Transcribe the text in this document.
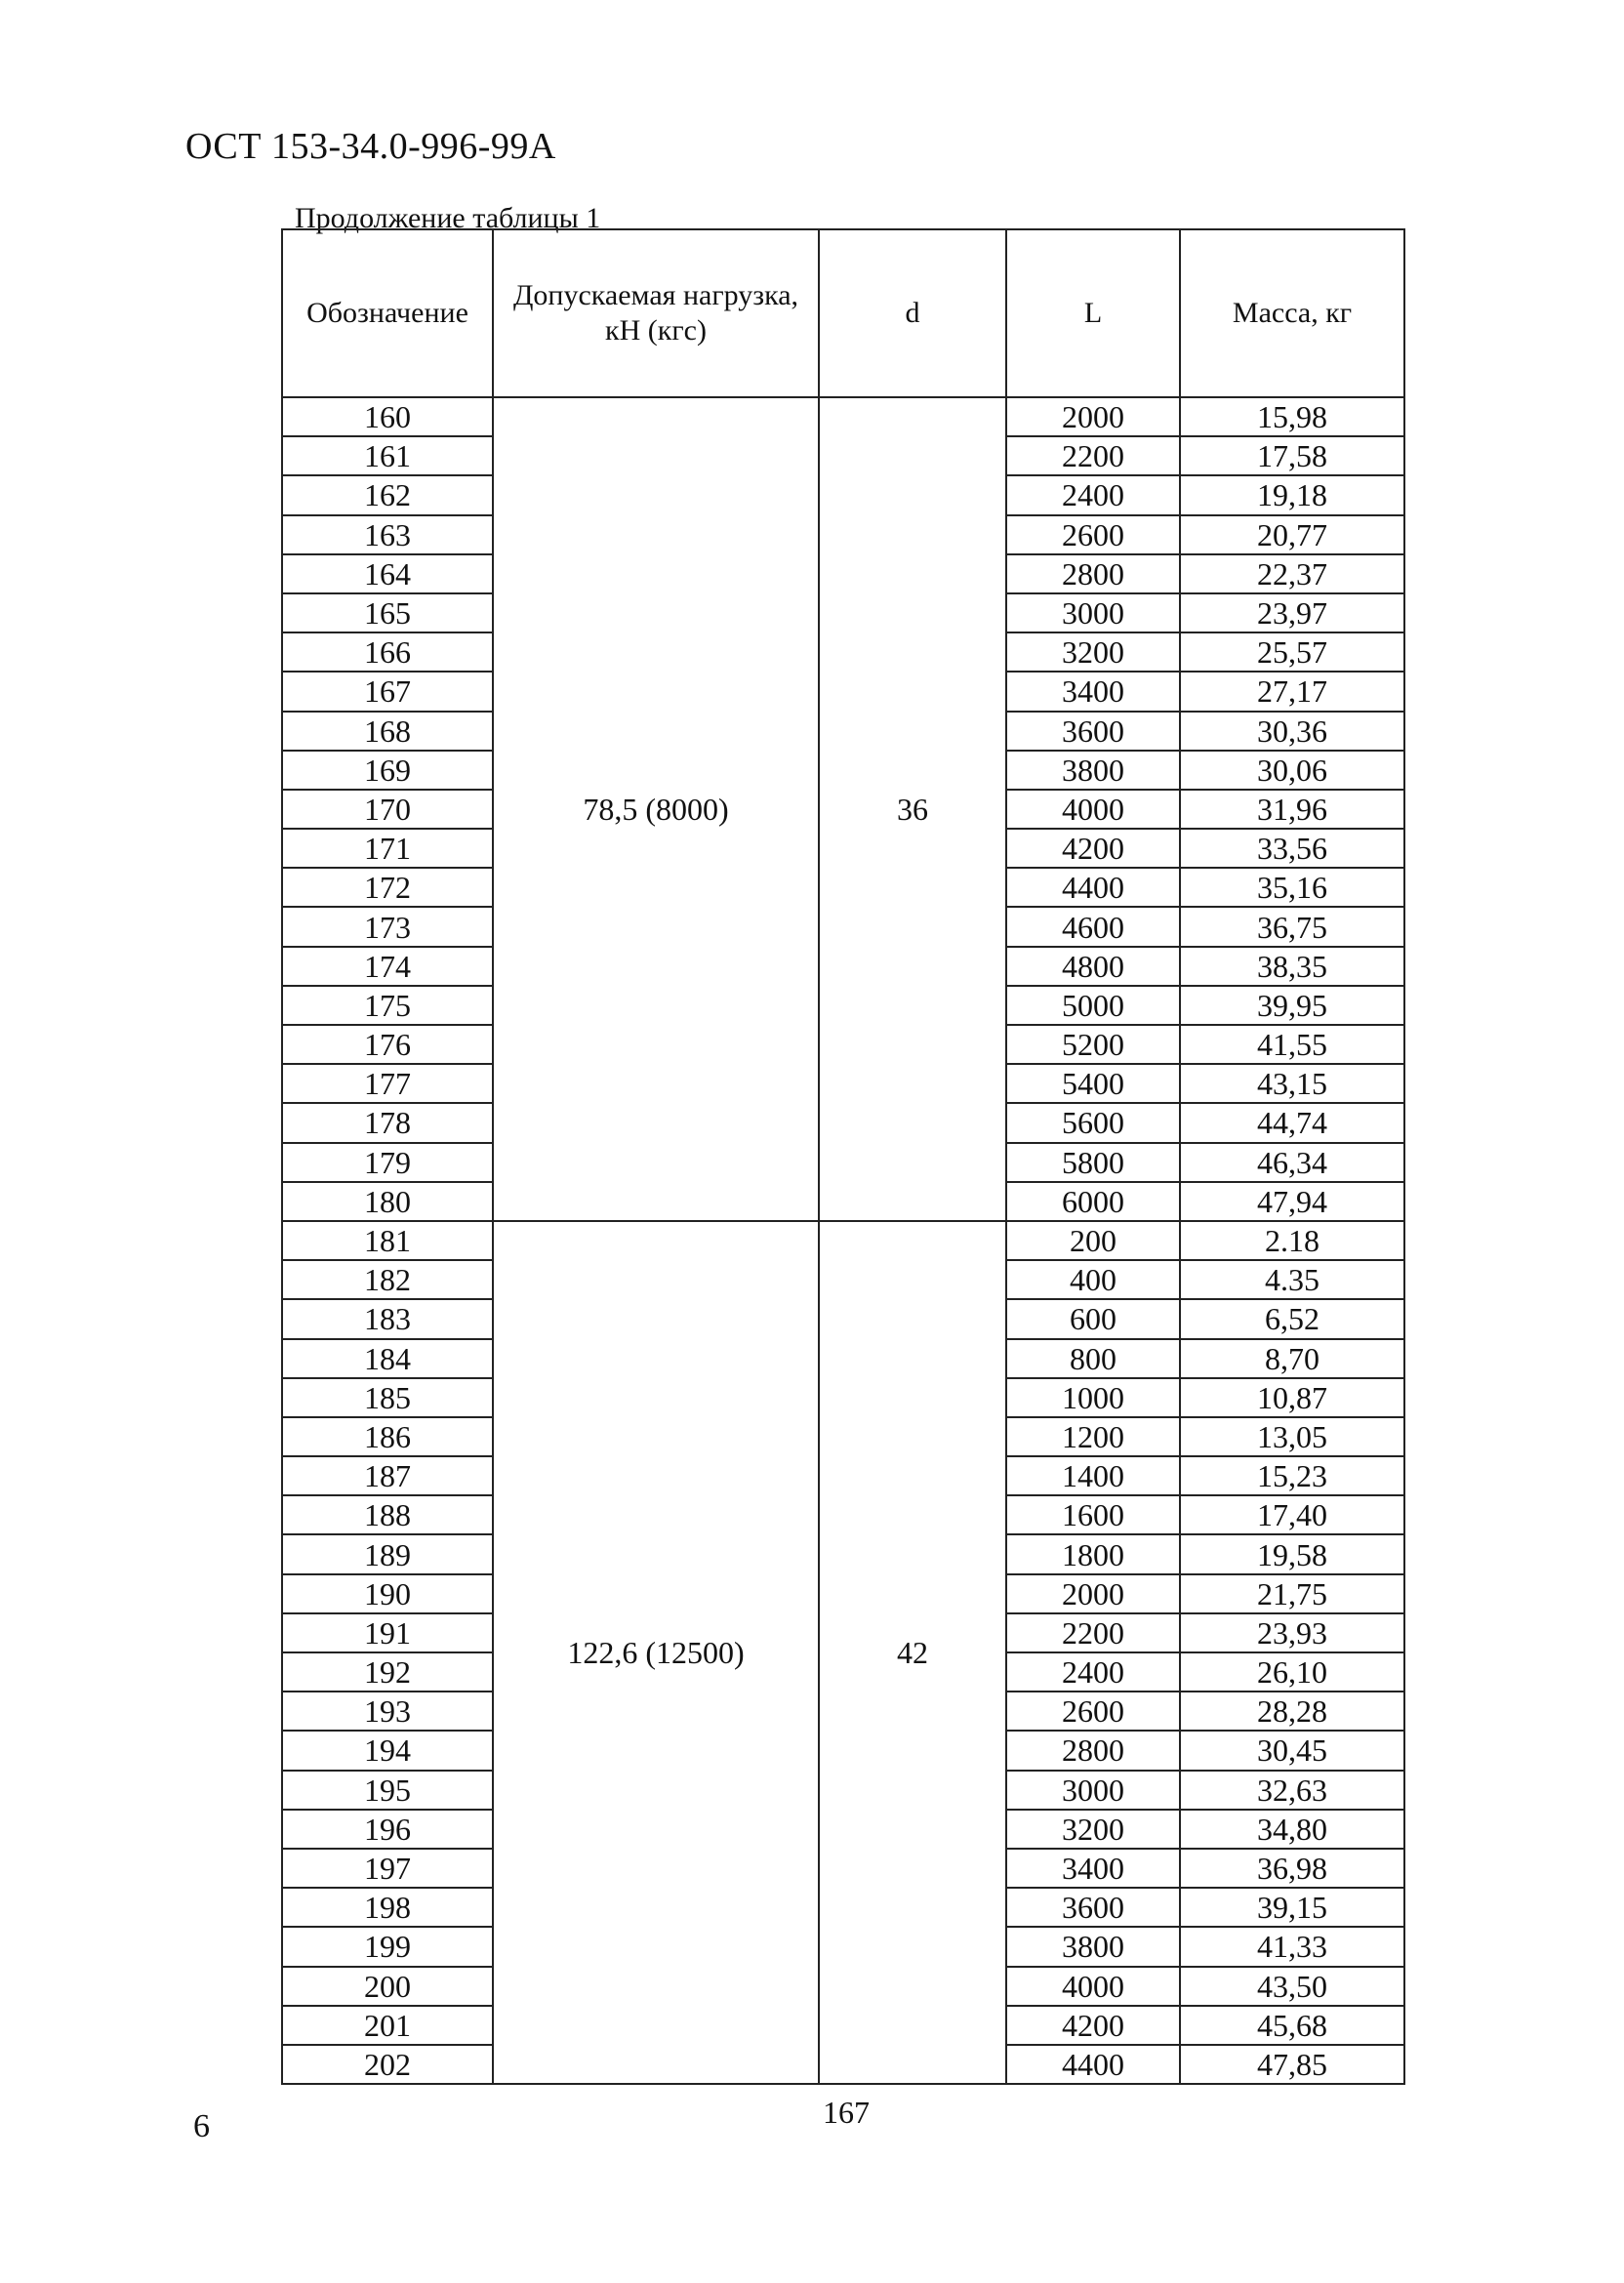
ОСТ 153-34.0-996-99А
Продолжение таблицы 1
Обозначение	Допускаемая нагрузка, кН (кгс)	d	L	Масса, кг
160	78,5 (8000)	36	2000	15,98
161			2200	17,58
162			2400	19,18
163			2600	20,77
164			2800	22,37
165			3000	23,97
166			3200	25,57
167			3400	27,17
168			3600	30,36
169			3800	30,06
170			4000	31,96
171			4200	33,56
172			4400	35,16
173			4600	36,75
174			4800	38,35
175			5000	39,95
176			5200	41,55
177			5400	43,15
178			5600	44,74
179			5800	46,34
180			6000	47,94
181	122,6 (12500)	42	200	2.18
182			400	4.35
183			600	6,52
184			800	8,70
185			1000	10,87
186			1200	13,05
187			1400	15,23
188			1600	17,40
189			1800	19,58
190			2000	21,75
191			2200	23,93
192			2400	26,10
193			2600	28,28
194			2800	30,45
195			3000	32,63
196			3200	34,80
197			3400	36,98
198			3600	39,15
199			3800	41,33
200			4000	43,50
201			4200	45,68
202			4400	47,85
6	167
